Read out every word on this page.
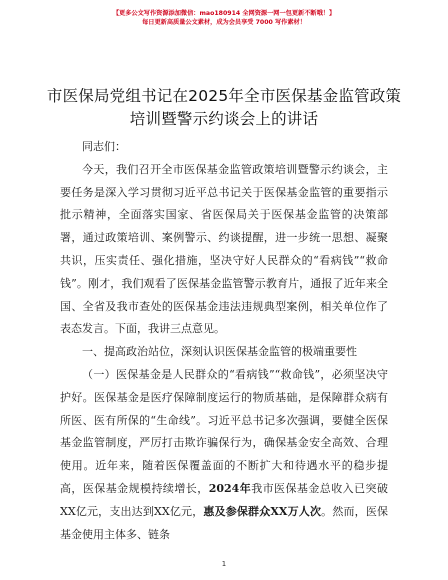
【更多公文写作资源添加微信：mao180914 全网资源一网一包更新不断哦！】
每日更新高质量公文素材，成为会员享受 7000 写作素材！
市医保局党组书记在2025年全市医保基金监管政策培训暨警示约谈会上的讲话

同志们：

今天，我们召开全市医保基金监管政策培训暨警示约谈会，主要任务是深入学习贯彻习近平总书记关于医保基金监管的重要指示批示精神，全面落实国家、省医保局关于医保基金监管的决策部署，通过政策培训、案例警示、约谈提醒，进一步统一思想、凝聚共识，压实责任、强化措施，坚决守好人民群众的“看病钱”“救命钱”。刚才，我们观看了医保基金监管警示教育片，通报了近年来全国、全省及我市查处的医保基金违法违规典型案例，相关单位作了表态发言。下面，我讲三点意见。

一、提高政治站位，深刻认识医保基金监管的极端重要性

（一）医保基金是人民群众的“看病钱”“救命钱”，必须坚决守护好。医保基金是医疗保障制度运行的物质基础，是保障群众病有所医、医有所保的“生命线”。习近平总书记多次强调，要健全医保基金监管制度，严厉打击欺诈骗保行为，确保基金安全高效、合理使用。近年来，随着医保覆盖面的不断扩大和待遇水平的稳步提高，医保基金规模持续增长，2024年我市医保基金总收入已突破XX亿元，支出达到XX亿元，惠及参保群众XX万人次。然而，医保基金使用主体多、链条

1
